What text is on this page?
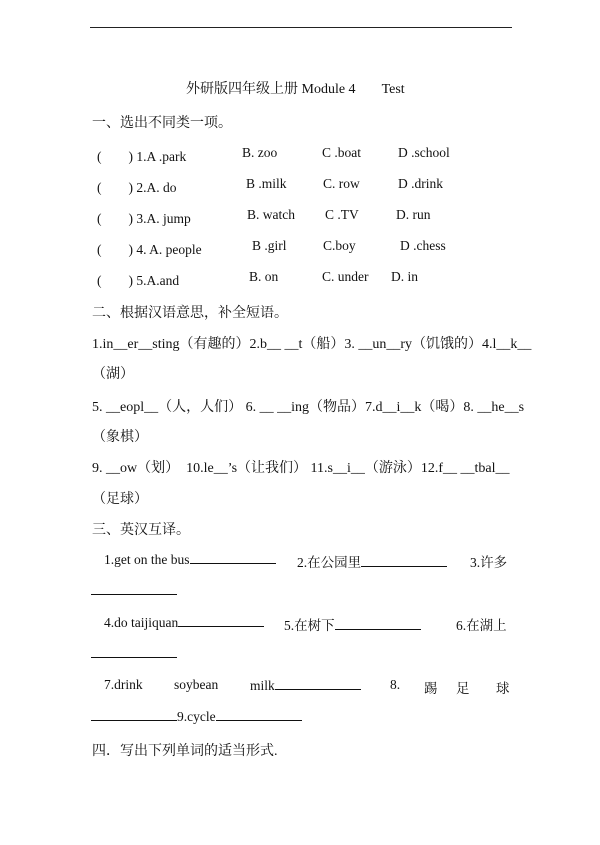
外研版四年级上册 Module 4 Test
一、选出不同类一项。
(　　) 1.A .park	B. zoo	C .boat	D .school
(　　) 2.A. do	B .milk	C. row	D .drink
(　　) 3.A. jump	B. watch C .TV	D. run
(　　) 4. A. people	B .girl	C.boy	D .chess
(　　) 5.A.and	B. on	C. under D. in
二、根据汉语意思，补全短语。
1.in__er__sting（有趣的）2.b__ __t（船）3. __un__ry（饥饿的）4.l__k__
（湖）
5. __eopl__（人，人们） 6. __ __ing（物品）7.d__i__k（喝）8. __he__s
（象棋）
9. __ow（划）　10.le__’s（让我们） 11.s__i__（游泳）12.f__ __tbal__
（足球）
三、英汉互译。
1.get on the bus	2.在公园里	3.许多
4.do taijiquan	5.在树下	6.在湖上
7.drink soybean milk	8. 踢 足 球
9.cycle
四．写出下列单词的适当形式.
